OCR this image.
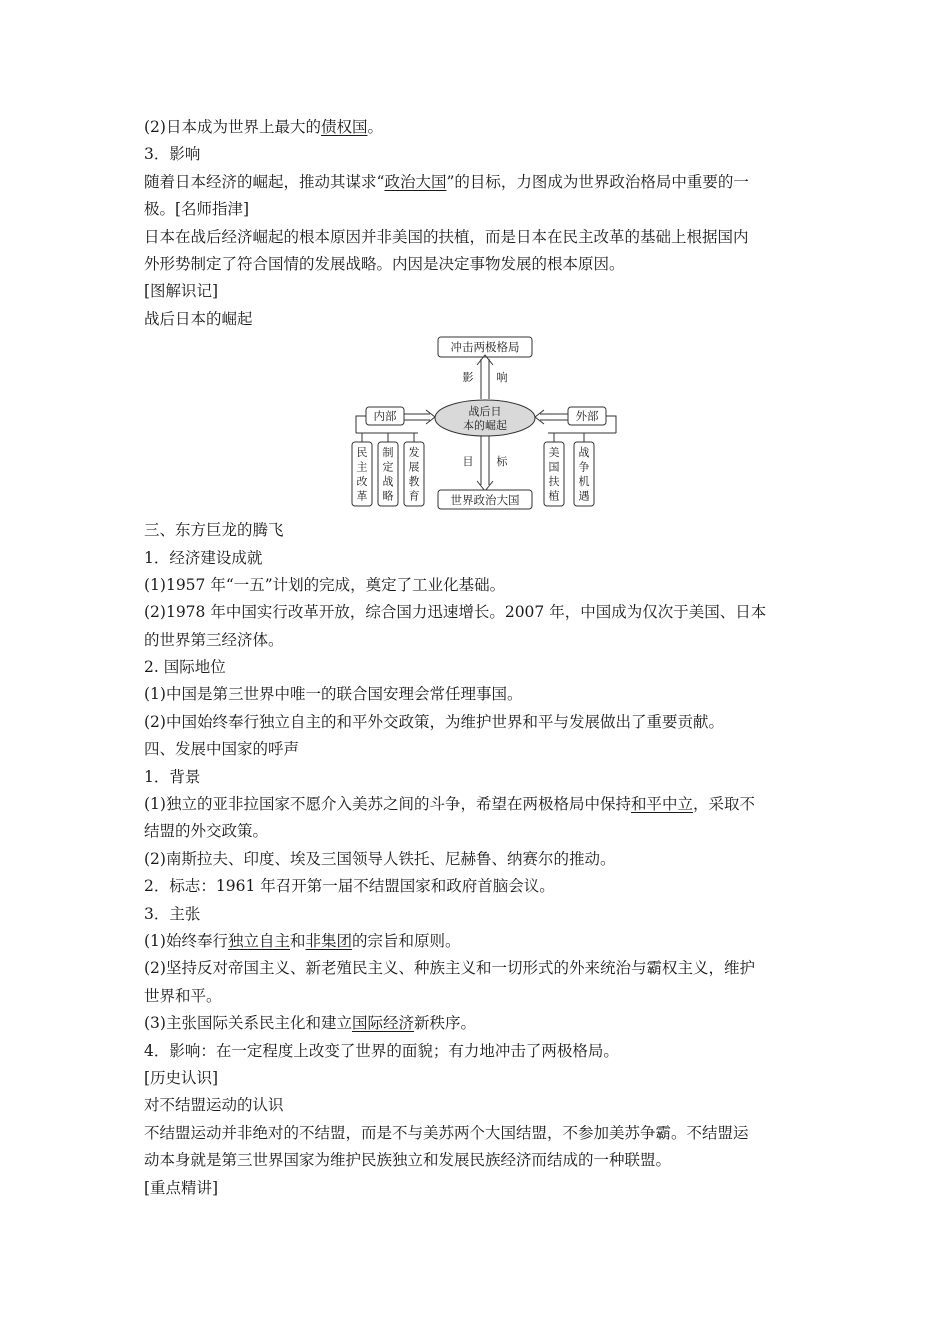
(2)日本成为世界上最大的债权国。
3．影响
随着日本经济的崛起，推动其谋求“政治大国”的目标，力图成为世界政治格局中重要的一
极。[名师指津]
日本在战后经济崛起的根本原因并非美国的扶植，而是日本在民主改革的基础上根据国内
外形势制定了符合国情的发展战略。内因是决定事物发展的根本原因。
[图解识记]
战后日本的崛起
冲击两极格局
影 响
战后日
本的崛起
内部	外部
目 标
世界政治大国
民
主
改
革
制
定
战
略
发
展
教
育
美
国
扶
植
战
争
机
遇
三、东方巨龙的腾飞
1．经济建设成就
(1)1957 年“一五”计划的完成，奠定了工业化基础。
(2)1978 年中国实行改革开放，综合国力迅速增长。2007 年，中国成为仅次于美国、日本
的世界第三经济体。
2. 国际地位
(1)中国是第三世界中唯一的联合国安理会常任理事国。
(2)中国始终奉行独立自主的和平外交政策，为维护世界和平与发展做出了重要贡献。
四、发展中国家的呼声
1．背景
(1)独立的亚非拉国家不愿介入美苏之间的斗争，希望在两极格局中保持和平中立，采取不
结盟的外交政策。
(2)南斯拉夫、印度、埃及三国领导人铁托、尼赫鲁、纳赛尔的推动。
2．标志：1961 年召开第一届不结盟国家和政府首脑会议。
3．主张
(1)始终奉行独立自主和非集团的宗旨和原则。
(2)坚持反对帝国主义、新老殖民主义、种族主义和一切形式的外来统治与霸权主义，维护
世界和平。
(3)主张国际关系民主化和建立国际经济新秩序。
4．影响：在一定程度上改变了世界的面貌；有力地冲击了两极格局。
[历史认识]
对不结盟运动的认识
不结盟运动并非绝对的不结盟，而是不与美苏两个大国结盟，不参加美苏争霸。不结盟运
动本身就是第三世界国家为维护民族独立和发展民族经济而结成的一种联盟。
[重点精讲]
